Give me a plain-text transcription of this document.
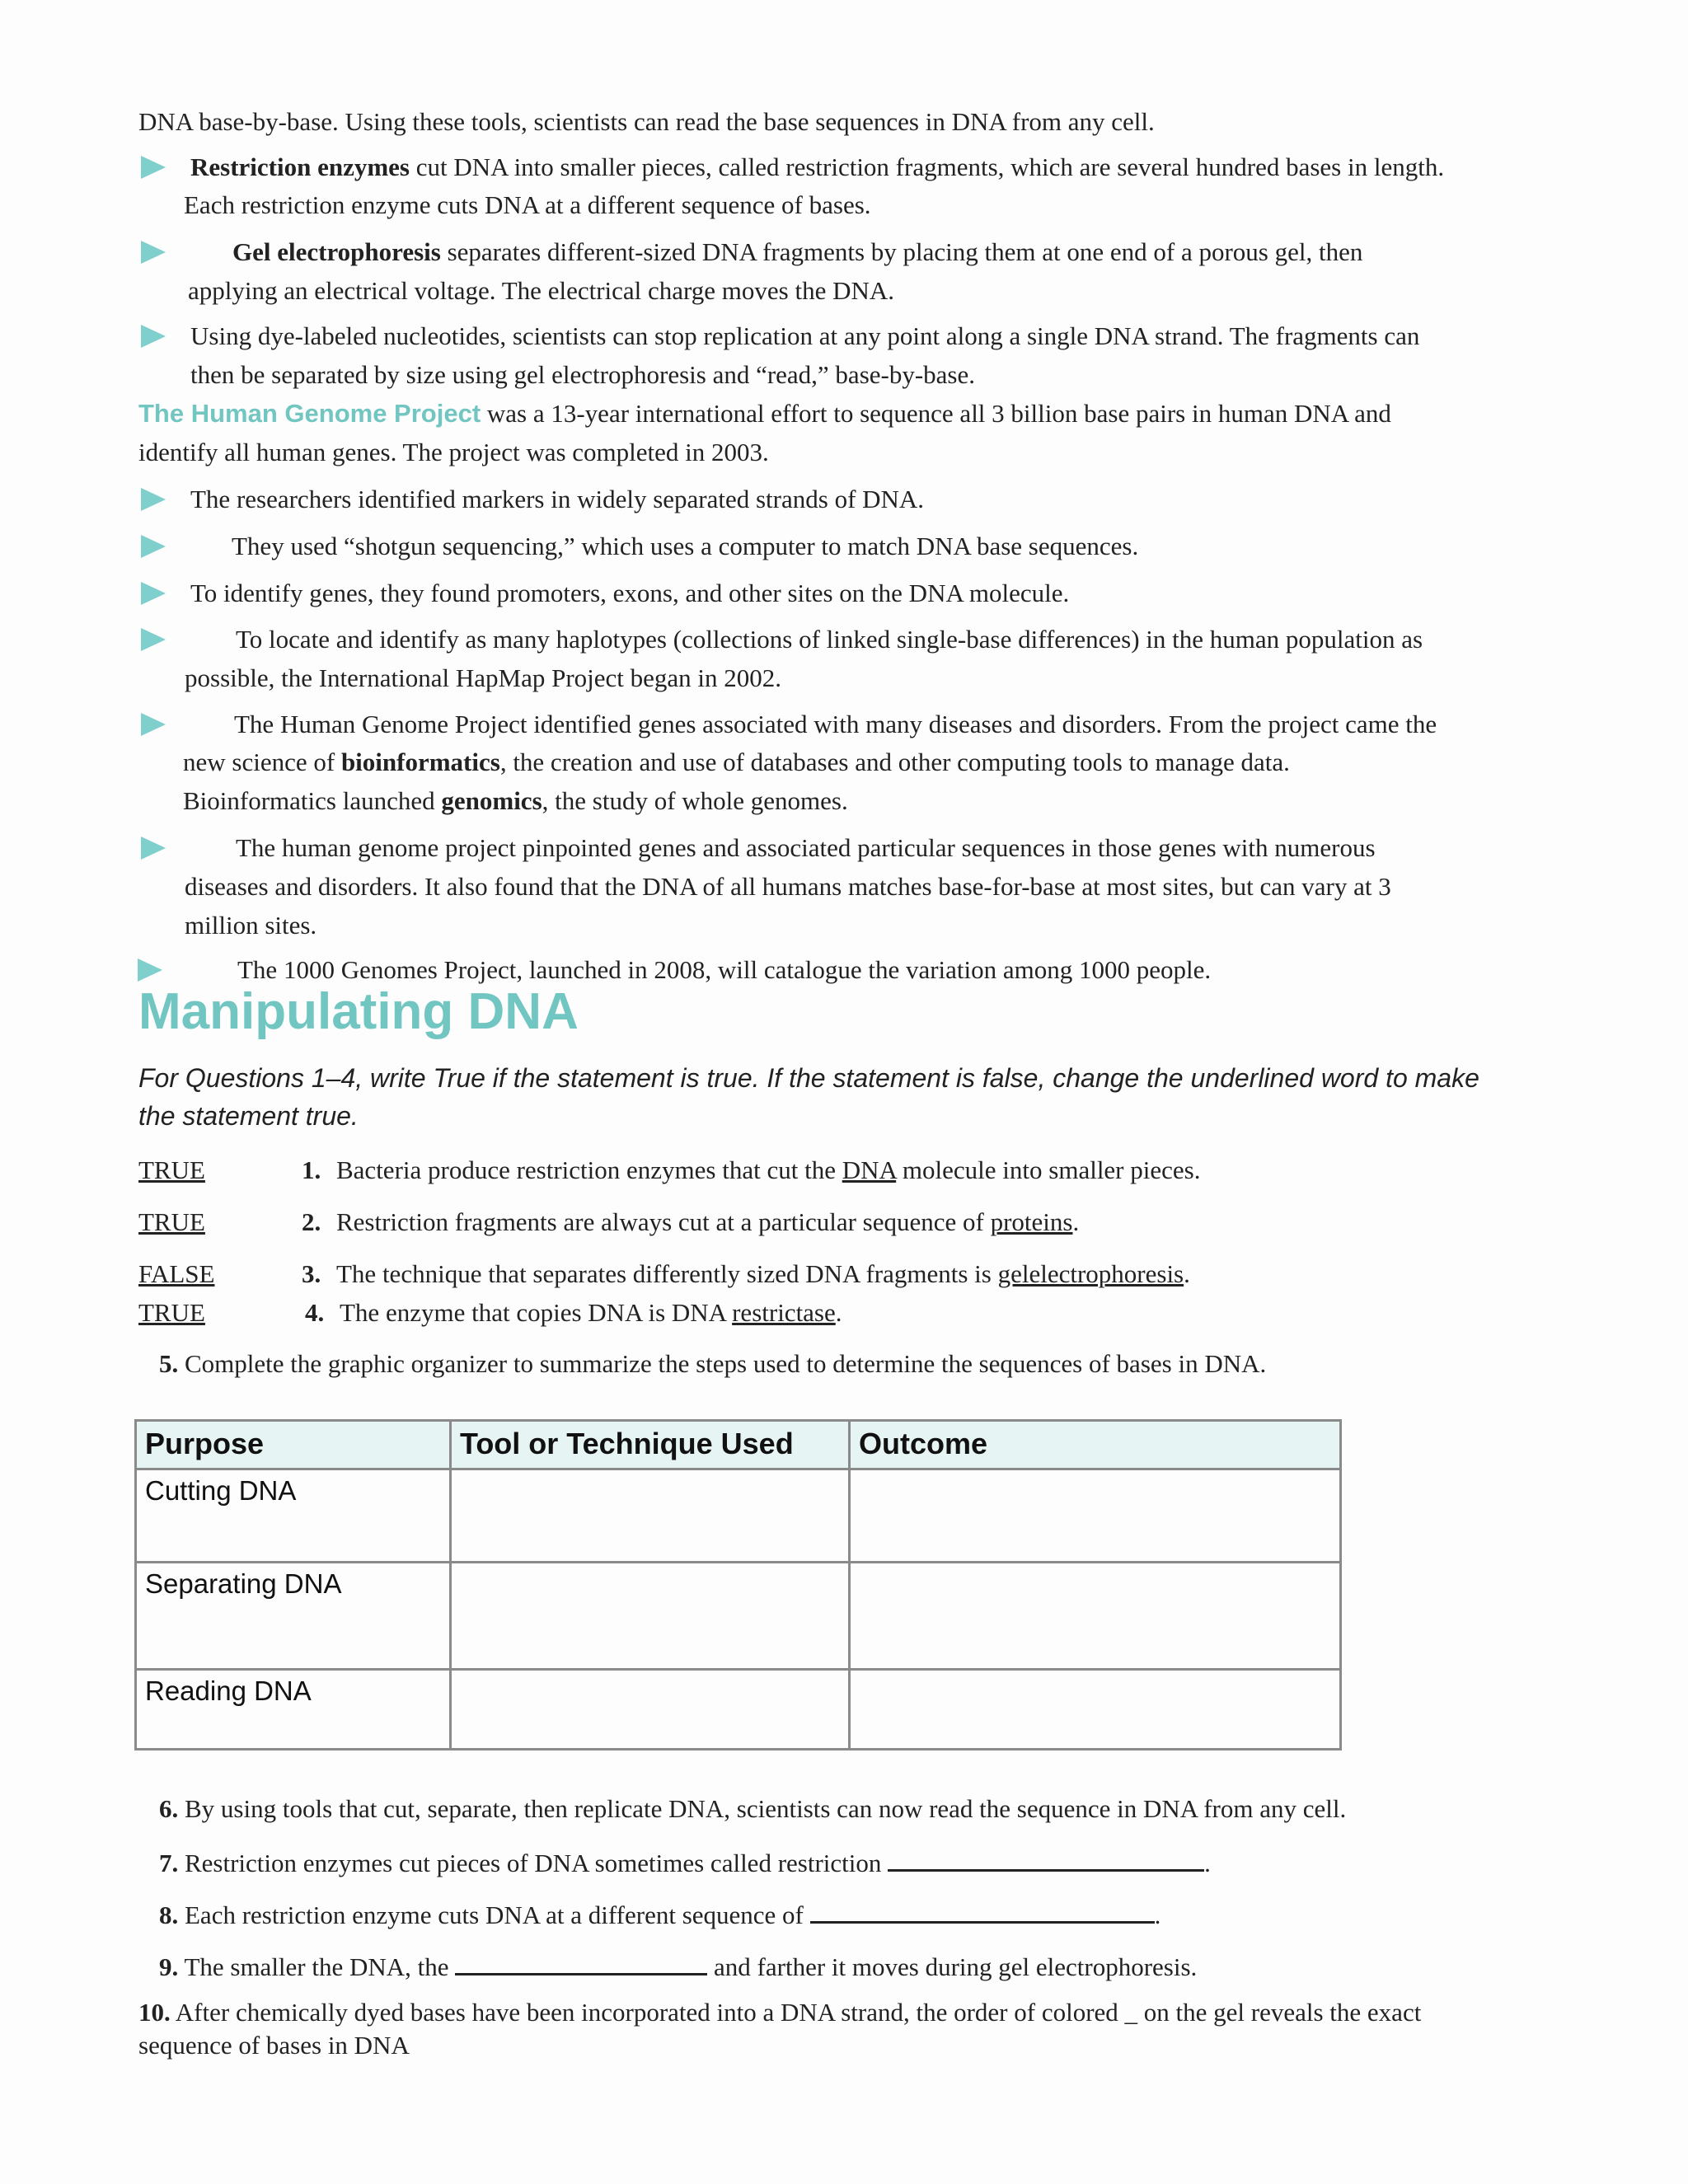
DNA base-by-base. Using these tools, scientists can read the base sequences in DNA from any cell.
Restriction enzymes cut DNA into smaller pieces, called restriction fragments, which are several hundred bases in length.
Each restriction enzyme cuts DNA at a different sequence of bases.
Gel electrophoresis separates different-sized DNA fragments by placing them at one end of a porous gel, then
applying an electrical voltage. The electrical charge moves the DNA.
Using dye-labeled nucleotides, scientists can stop replication at any point along a single DNA strand. The fragments can
then be separated by size using gel electrophoresis and “read,” base-by-base.
The Human Genome Project was a 13-year international effort to sequence all 3 billion base pairs in human DNA and
identify all human genes. The project was completed in 2003.
The researchers identified markers in widely separated strands of DNA.
They used “shotgun sequencing,” which uses a computer to match DNA base sequences.
To identify genes, they found promoters, exons, and other sites on the DNA molecule.
To locate and identify as many haplotypes (collections of linked single-base differences) in the human population as
possible, the International HapMap Project began in 2002.
The Human Genome Project identified genes associated with many diseases and disorders. From the project came the
new science of bioinformatics, the creation and use of databases and other computing tools to manage data.
Bioinformatics launched genomics, the study of whole genomes.
The human genome project pinpointed genes and associated particular sequences in those genes with numerous
diseases and disorders. It also found that the DNA of all humans matches base-for-base at most sites, but can vary at 3
million sites.
The 1000 Genomes Project, launched in 2008, will catalogue the variation among 1000 people.
Manipulating DNA
For Questions 1–4, write True if the statement is true. If the statement is false, change the underlined word to make the statement true.
TRUE	1. Bacteria produce restriction enzymes that cut the DNA molecule into smaller pieces.
TRUE	2. Restriction fragments are always cut at a particular sequence of proteins.
FALSE	3. The technique that separates differently sized DNA fragments is gelelectrophoresis.
TRUE	4. The enzyme that copies DNA is DNA restrictase.
5. Complete the graphic organizer to summarize the steps used to determine the sequences of bases in DNA.
Purpose	Tool or Technique Used	Outcome
Cutting DNA		
Separating DNA		
Reading DNA		
6. By using tools that cut, separate, then replicate DNA, scientists can now read the sequence in DNA from any cell.
7. Restriction enzymes cut pieces of DNA sometimes called restriction	.
8. Each restriction enzyme cuts DNA at a different sequence of	.
9. The smaller the DNA, the	and farther it moves during gel electrophoresis.
10. After chemically dyed bases have been incorporated into a DNA strand, the order of colored _ on the gel reveals the exact
sequence of bases in DNA
